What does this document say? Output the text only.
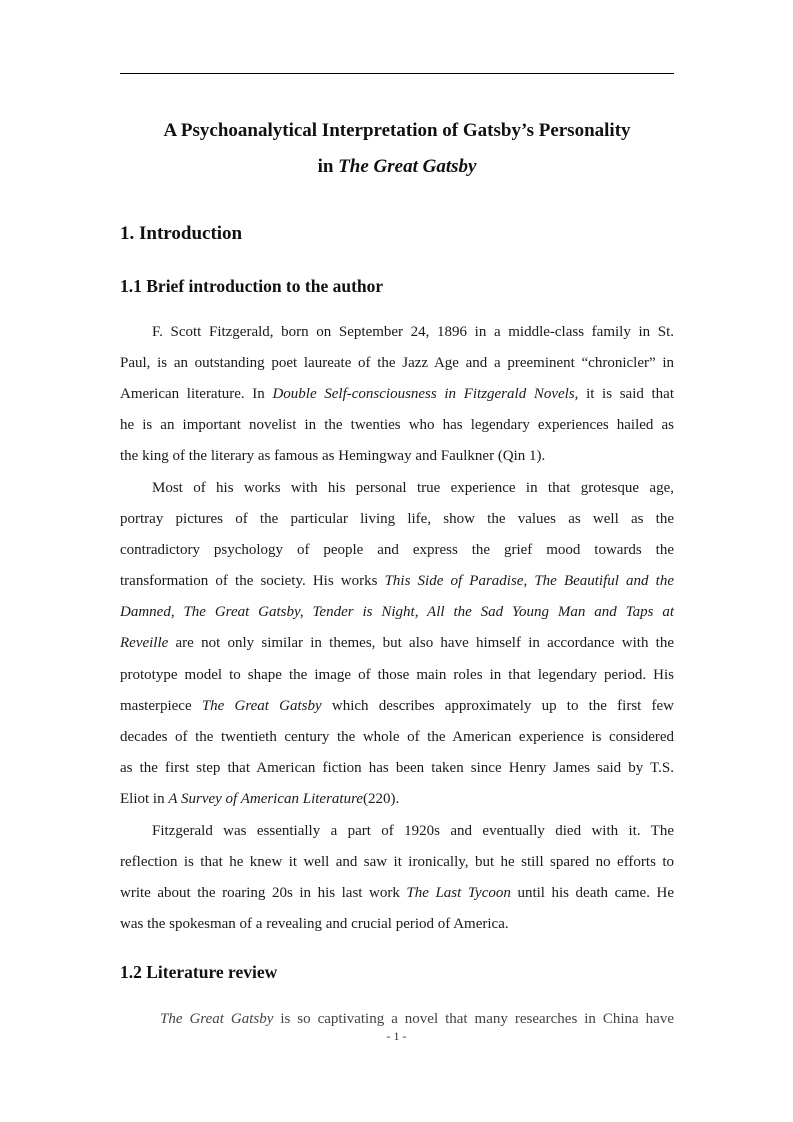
A Psychoanalytical Interpretation of Gatsby’s Personality
in The Great Gatsby
1. Introduction
1.1 Brief introduction to the author
F. Scott Fitzgerald, born on September 24, 1896 in a middle-class family in St.
Paul, is an outstanding poet laureate of the Jazz Age and a preeminent “chronicler” in
American literature. In Double Self-consciousness in Fitzgerald Novels, it is said that
he is an important novelist in the twenties who has legendary experiences hailed as
the king of the literary as famous as Hemingway and Faulkner (Qin 1).
Most of his works with his personal true experience in that grotesque age,
portray pictures of the particular living life, show the values as well as the
contradictory psychology of people and express the grief mood towards the
transformation of the society. His works This Side of Paradise, The Beautiful and the
Damned, The Great Gatsby, Tender is Night, All the Sad Young Man and Taps at
Reveille are not only similar in themes, but also have himself in accordance with the
prototype model to shape the image of those main roles in that legendary period. His
masterpiece The Great Gatsby which describes approximately up to the first few
decades of the twentieth century the whole of the American experience is considered
as the first step that American fiction has been taken since Henry James said by T.S.
Eliot in A Survey of American Literature(220).
Fitzgerald was essentially a part of 1920s and eventually died with it. The
reflection is that he knew it well and saw it ironically, but he still spared no efforts to
write about the roaring 20s in his last work The Last Tycoon until his death came. He
was the spokesman of a revealing and crucial period of America.
1.2 Literature review
The Great Gatsby is so captivating a novel that many researches in China have
- 1 -
